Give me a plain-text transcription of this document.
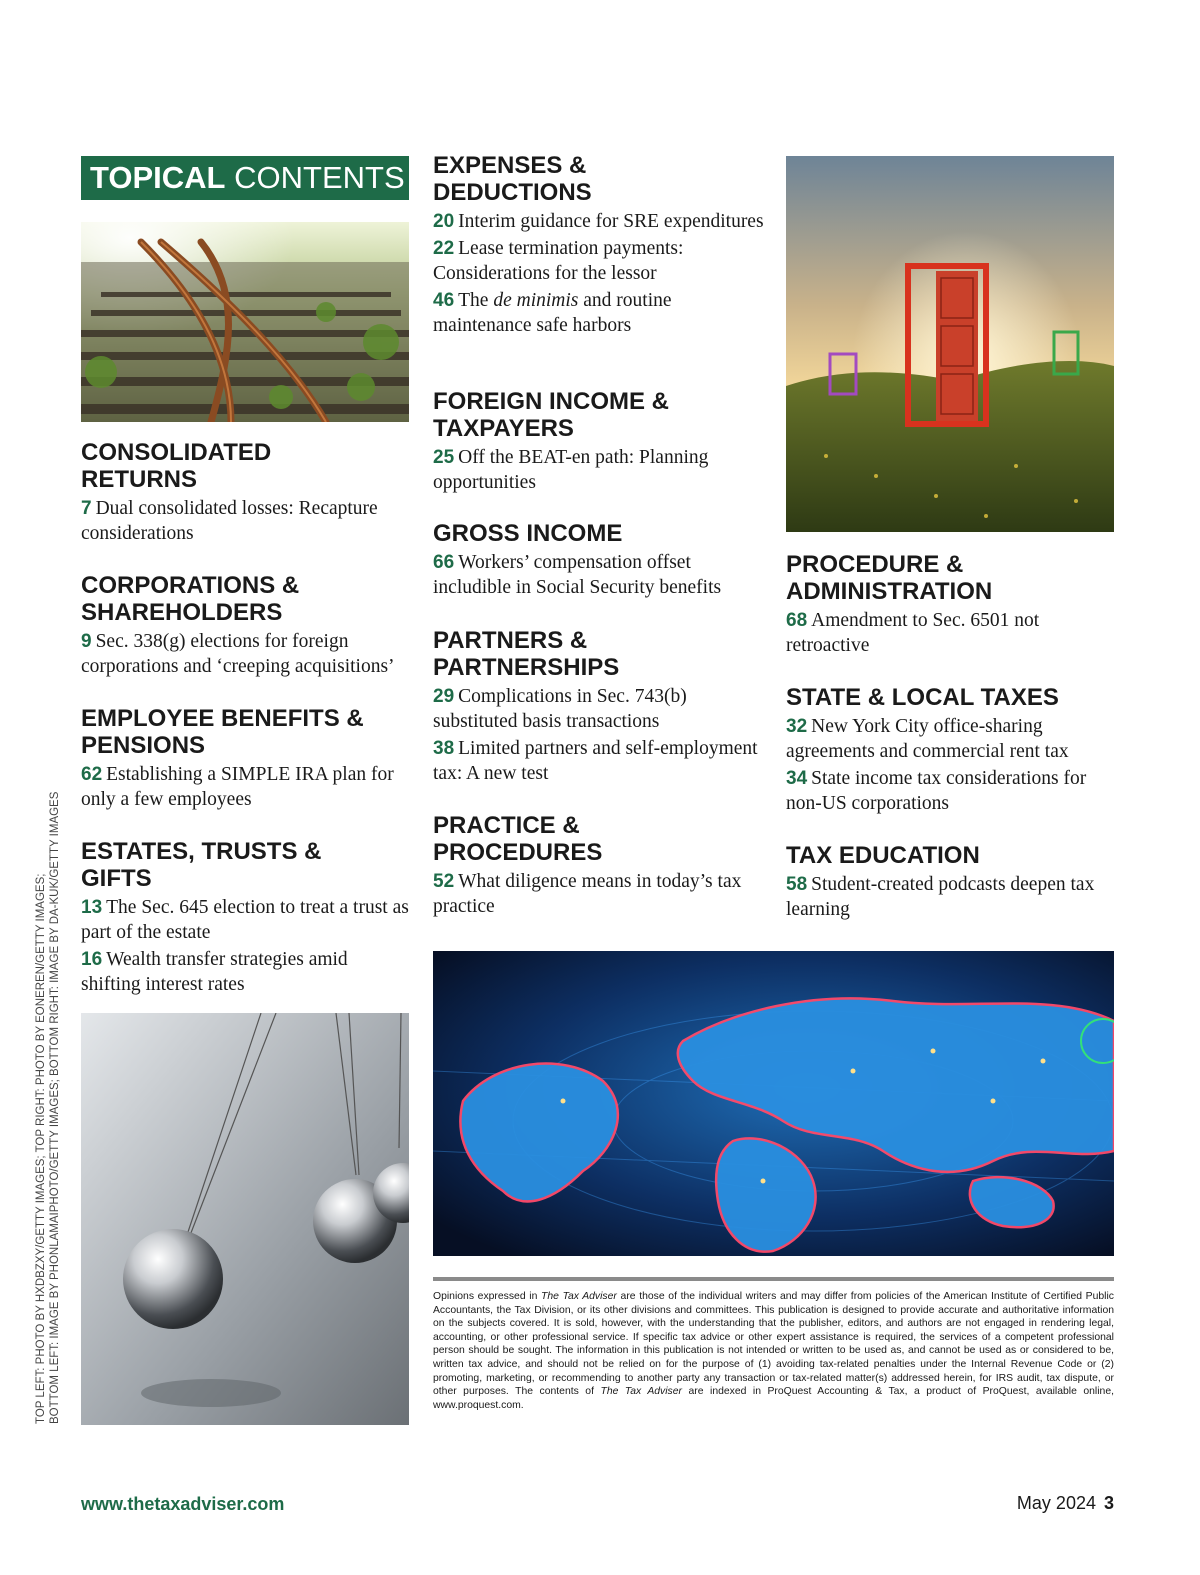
TOPICAL CONTENTS
CONSOLIDATED RETURNS
7 Dual consolidated losses: Recapture considerations
CORPORATIONS & SHAREHOLDERS
9 Sec. 338(g) elections for foreign corporations and ‘creeping acquisitions’
EMPLOYEE BENEFITS & PENSIONS
62 Establishing a SIMPLE IRA plan for only a few employees
ESTATES, TRUSTS & GIFTS
13 The Sec. 645 election to treat a trust as part of the estate
16 Wealth transfer strategies amid shifting interest rates
EXPENSES & DEDUCTIONS
20 Interim guidance for SRE expenditures
22 Lease termination payments: Considerations for the lessor
46 The de minimis and routine maintenance safe harbors
FOREIGN INCOME & TAXPAYERS
25 Off the BEAT-en path: Planning opportunities
GROSS INCOME
66 Workers’ compensation offset includible in Social Security benefits
PARTNERS & PARTNERSHIPS
29 Complications in Sec. 743(b) substituted basis transactions
38 Limited partners and self-employment tax: A new test
PRACTICE & PROCEDURES
52 What diligence means in today’s tax practice
PROCEDURE & ADMINISTRATION
68 Amendment to Sec. 6501 not retroactive
STATE & LOCAL TAXES
32 New York City office-sharing agreements and commercial rent tax
34 State income tax considerations for non-US corporations
TAX EDUCATION
58 Student-created podcasts deepen tax learning
Opinions expressed in The Tax Adviser are those of the individual writers and may differ from policies of the American Institute of Certified Public Accountants, the Tax Division, or its other divisions and committees. This publication is designed to provide accurate and authoritative information on the subjects covered. It is sold, however, with the understanding that the publisher, editors, and authors are not engaged in rendering legal, accounting, or other professional service. If specific tax advice or other expert assistance is required, the services of a competent professional person should be sought. The information in this publication is not intended or written to be used as, and cannot be used as or considered to be, written tax advice, and should not be relied on for the purpose of (1) avoiding tax-related penalties under the Internal Revenue Code or (2) promoting, marketing, or recommending to another party any transaction or tax-related matter(s) addressed herein, for IRS audit, tax dispute, or other purposes. The contents of The Tax Adviser are indexed in ProQuest Accounting & Tax, a product of ProQuest, available online, www.proquest.com.
TOP LEFT: PHOTO BY HXDBZXY/GETTY IMAGES; TOP RIGHT: PHOTO BY EONEREN/GETTY IMAGES; BOTTOM LEFT: IMAGE BY PHONLAMAIPHOTO/GETTY IMAGES; BOTTOM RIGHT: IMAGE BY DA-KUK/GETTY IMAGES
www.thetaxadviser.com	May 2024 3
